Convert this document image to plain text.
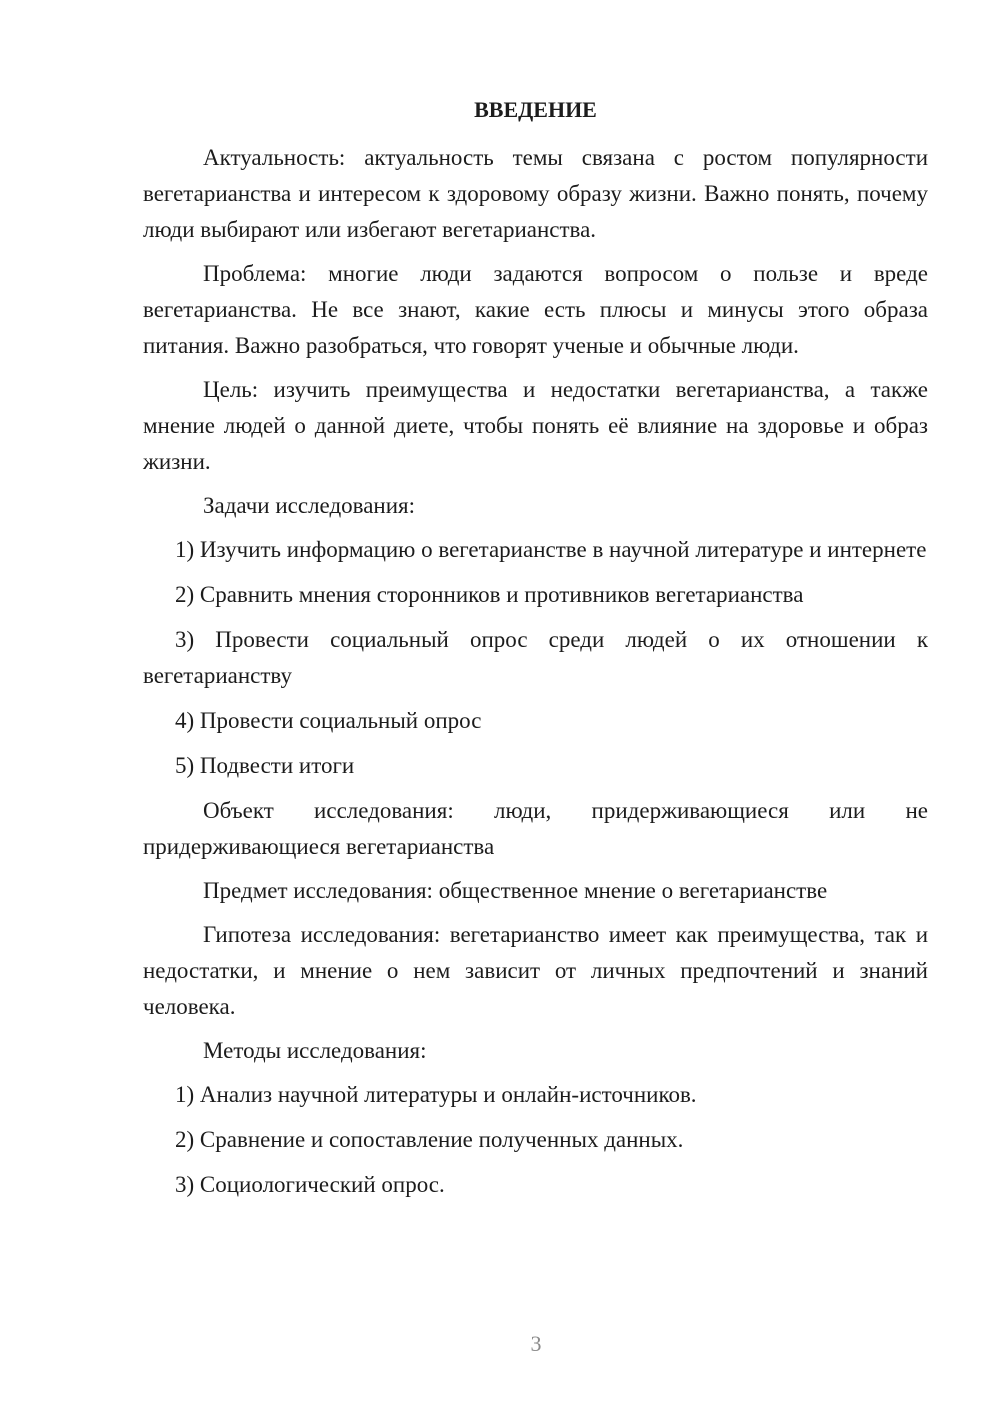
ВВЕДЕНИЕ

Актуальность: актуальность темы связана с ростом популярности вегетарианства и интересом к здоровому образу жизни. Важно понять, почему люди выбирают или избегают вегетарианства.

Проблема: многие люди задаются вопросом о пользе и вреде вегетарианства. Не все знают, какие есть плюсы и минусы этого образа питания. Важно разобраться, что говорят ученые и обычные люди.

Цель: изучить преимущества и недостатки вегетарианства, а также мнение людей о данной диете, чтобы понять её влияние на здоровье и образ жизни.

Задачи исследования:

1) Изучить информацию о вегетарианстве в научной литературе и интернете

2) Сравнить мнения сторонников и противников вегетарианства

3) Провести социальный опрос среди людей о их отношении к вегетарианству

4) Провести социальный опрос

5) Подвести итоги

Объект исследования: люди, придерживающиеся или не придерживающиеся вегетарианства

Предмет исследования: общественное мнение о вегетарианстве

Гипотеза исследования: вегетарианство имеет как преимущества, так и недостатки, и мнение о нем зависит от личных предпочтений и знаний человека.

Методы исследования:

1) Анализ научной литературы и онлайн-источников.

2) Сравнение и сопоставление полученных данных.

3) Социологический опрос.

3
